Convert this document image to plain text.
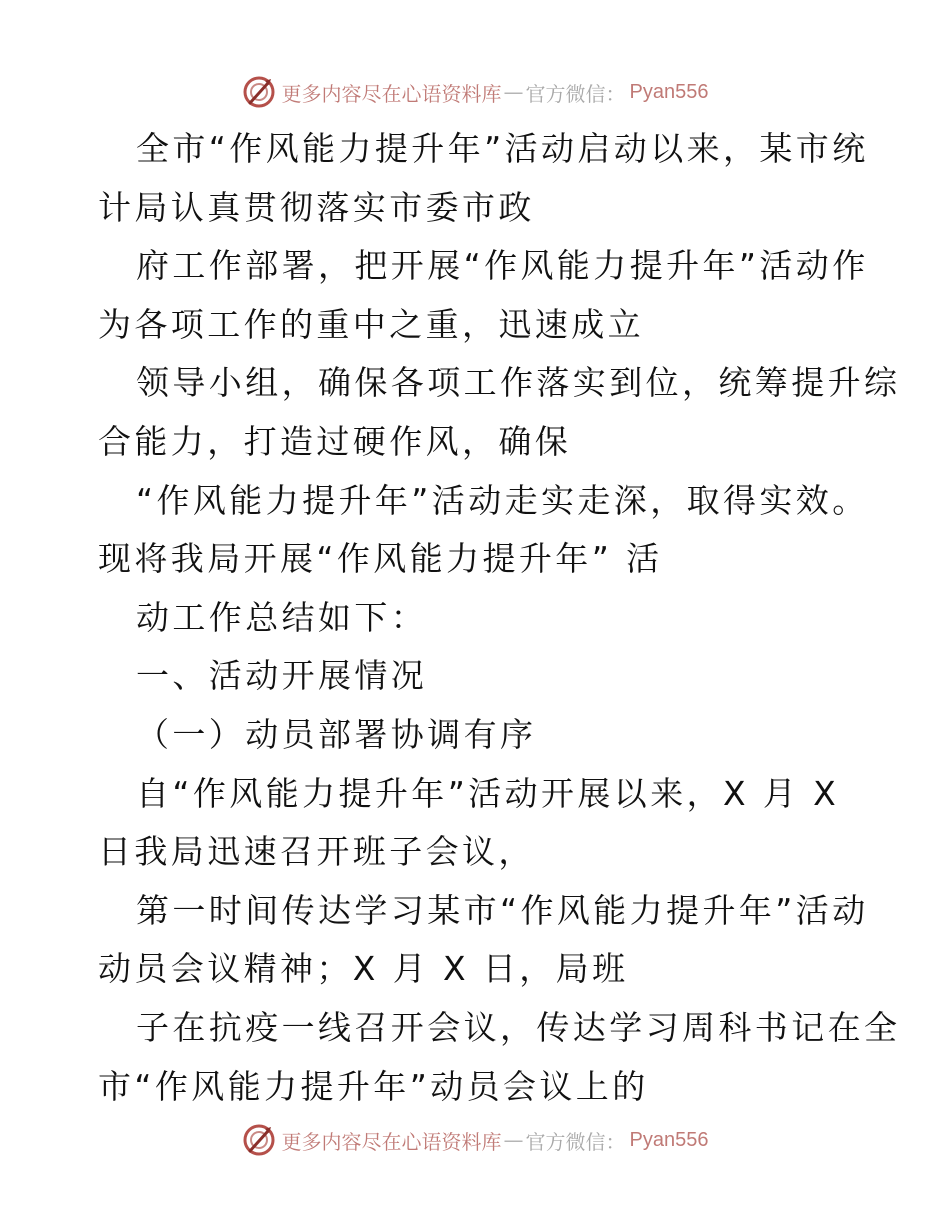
更多内容尽在心语资料库 — 官方微信： Pyan556
全市“作风能力提升年”活动启动以来，某市统
计局认真贯彻落实市委市政
府工作部署，把开展“作风能力提升年”活动作
为各项工作的重中之重，迅速成立
领导小组，确保各项工作落实到位，统筹提升综
合能力，打造过硬作风，确保
“作风能力提升年”活动走实走深，取得实效。
现将我局开展“作风能力提升年” 活
动工作总结如下：
一、活动开展情况
（一）动员部署协调有序
自“作风能力提升年”活动开展以来，X 月 X
日我局迅速召开班子会议，
第一时间传达学习某市“作风能力提升年”活动
动员会议精神；X 月 X 日，局班
子在抗疫一线召开会议，传达学习周科书记在全
市“作风能力提升年”动员会议上的
更多内容尽在心语资料库 — 官方微信： Pyan556
